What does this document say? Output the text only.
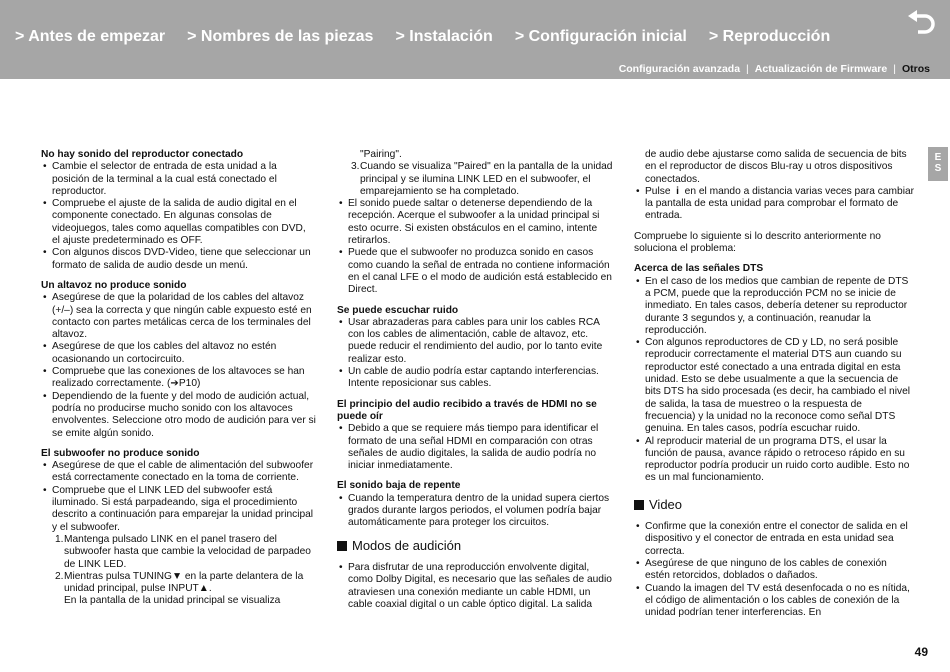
> Antes de empezar > Nombres de las piezas > Instalación > Configuración inicial > Reproducción
Configuración avanzada | Actualización de Firmware | Otros
E
S

No hay sonido del reproductor conectado

• Cambie el selector de entrada de esta unidad a la posición de la terminal a la cual está conectado el reproductor.
• Compruebe el ajuste de la salida de audio digital en el componente conectado. En algunas consolas de videojuegos, tales como aquellas compatibles con DVD, el ajuste predeterminado es OFF.
• Con algunos discos DVD-Video, tiene que seleccionar un formato de salida de audio desde un menú.

Un altavoz no produce sonido

• Asegúrese de que la polaridad de los cables del altavoz (+/–) sea la correcta y que ningún cable expuesto esté en contacto con partes metálicas cerca de los terminales del altavoz.
• Asegúrese de que los cables del altavoz no estén ocasionando un cortocircuito.
• Compruebe que las conexiones de los altavoces se han realizado correctamente. (➔P10)
• Dependiendo de la fuente y del modo de audición actual, podría no producirse mucho sonido con los altavoces envolventes. Seleccione otro modo de audición para ver si se emite algún sonido.

El subwoofer no produce sonido

• Asegúrese de que el cable de alimentación del subwoofer está correctamente conectado en la toma de corriente.
• Compruebe que el LINK LED del subwoofer está iluminado. Si está parpadeando, siga el procedimiento descrito a continuación para emparejar la unidad principal y el subwoofer.
1. Mantenga pulsado LINK en el panel trasero del subwoofer hasta que cambie la velocidad de parpadeo de LINK LED.
2. Mientras pulsa TUNING▼ en la parte delantera de la unidad principal, pulse INPUT▲.
En la pantalla de la unidad principal se visualiza
"Pairing".
3. Cuando se visualiza "Paired" en la pantalla de la unidad principal y se ilumina LINK LED en el subwoofer, el emparejamiento se ha completado.
• El sonido puede saltar o detenerse dependiendo de la recepción. Acerque el subwoofer a la unidad principal si esto ocurre. Si existen obstáculos en el camino, intente retirarlos.
• Puede que el subwoofer no produzca sonido en casos como cuando la señal de entrada no contiene información en el canal LFE o el modo de audición está establecido en Direct.

Se puede escuchar ruido

• Usar abrazaderas para cables para unir los cables RCA con los cables de alimentación, cable de altavoz, etc. puede reducir el rendimiento del audio, por lo tanto evite realizar esto.
• Un cable de audio podría estar captando interferencias. Intente reposicionar sus cables.

El principio del audio recibido a través de HDMI no se puede oír

• Debido a que se requiere más tiempo para identificar el formato de una señal HDMI en comparación con otras señales de audio digitales, la salida de audio podría no iniciar inmediatamente.

El sonido baja de repente

• Cuando la temperatura dentro de la unidad supera ciertos grados durante largos periodos, el volumen podría bajar automáticamente para proteger los circuitos.
Modos de audición
• Para disfrutar de una reproducción envolvente digital, como Dolby Digital, es necesario que las señales de audio atraviesen una conexión mediante un cable HDMI, un cable coaxial digital o un cable óptico digital. La salida
de audio debe ajustarse como salida de secuencia de bits en el reproductor de discos Blu-ray u otros dispositivos conectados.
• Pulse i en el mando a distancia varias veces para cambiar la pantalla de esta unidad para comprobar el formato de entrada.

Compruebe lo siguiente si lo descrito anteriormente no soluciona el problema:

Acerca de las señales DTS

• En el caso de los medios que cambian de repente de DTS a PCM, puede que la reproducción PCM no se inicie de inmediato. En tales casos, debería detener su reproductor durante 3 segundos y, a continuación, reanudar la reproducción.
• Con algunos reproductores de CD y LD, no será posible reproducir correctamente el material DTS aun cuando su reproductor esté conectado a una entrada digital en esta unidad. Esto se debe usualmente a que la secuencia de bits DTS ha sido procesada (es decir, ha cambiado el nivel de salida, la tasa de muestreo o la respuesta de frecuencia) y la unidad no la reconoce como señal DTS genuina. En tales casos, podría escuchar ruido.
• Al reproducir material de un programa DTS, el usar la función de pausa, avance rápido o retroceso rápido en su reproductor podría producir un ruido corto audible. Esto no es un mal funcionamiento.
Video
• Confirme que la conexión entre el conector de salida en el dispositivo y el conector de entrada en esta unidad sea correcta.
• Asegúrese de que ninguno de los cables de conexión estén retorcidos, doblados o dañados.
• Cuando la imagen del TV está desenfocada o no es nítida, el código de alimentación o los cables de conexión de la unidad podrían tener interferencias. En
49
